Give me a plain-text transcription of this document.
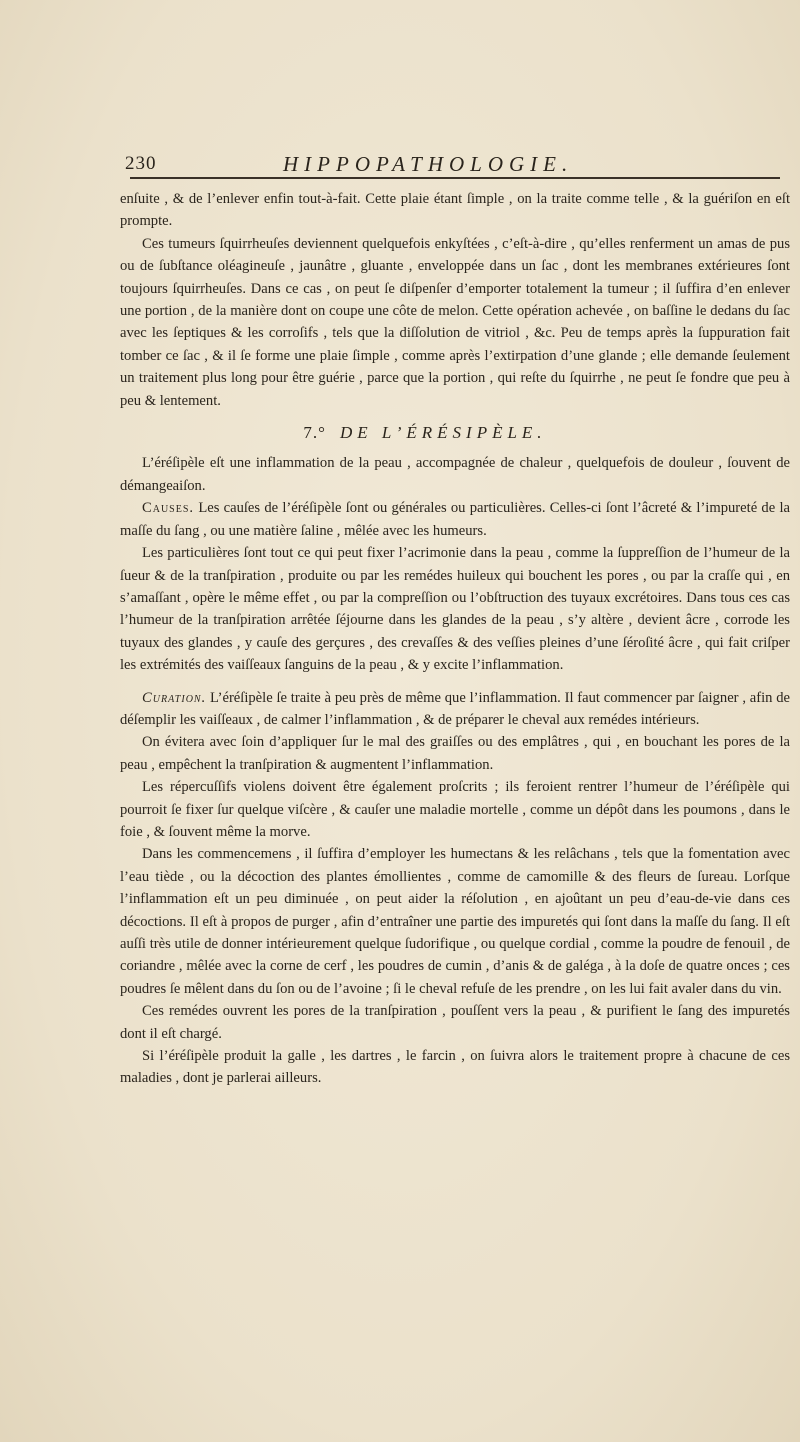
230	HIPPOPATHOLOGIE.

enſuite , & de l’enlever enfin tout-à-fait. Cette plaie étant ſimple , on la traite comme telle , & la guériſon en eſt prompte.

Ces tumeurs ſquirrheuſes deviennent quelquefois enkyſtées , c’eſt-à-dire , qu’elles renferment un amas de pus ou de ſubſtance oléagineuſe , jaunâtre , gluante , enveloppée dans un ſac , dont les membranes extérieures ſont toujours ſquirrheuſes. Dans ce cas , on peut ſe diſpenſer d’emporter totalement la tumeur ; il ſuffira d’en enlever une portion , de la manière dont on coupe une côte de melon. Cette opération achevée , on baſſine le dedans du ſac avec les ſeptiques & les corroſifs , tels que la diſſolution de vitriol , &c. Peu de temps après la ſuppuration fait tomber ce ſac , & il ſe forme une plaie ſimple , comme après l’extirpation d’une glande ; elle demande ſeulement un traitement plus long pour être guérie , parce que la portion , qui reſte du ſquirrhe , ne peut ſe fondre que peu à peu & lentement.

7.° DE L’ÉRÉSIPÈLE.

L’éréſipèle eſt une inflammation de la peau , accompagnée de chaleur , quelquefois de douleur , ſouvent de démangeaiſon.

Causes. Les cauſes de l’éréſipèle ſont ou générales ou particulières. Celles-ci ſont l’âcreté & l’impureté de la maſſe du ſang , ou une matière ſaline , mêlée avec les humeurs.

Les particulières ſont tout ce qui peut fixer l’acrimonie dans la peau , comme la ſuppreſſion de l’humeur de la ſueur & de la tranſpiration , produite ou par les remédes huileux qui bouchent les pores , ou par la craſſe qui , en s’amaſſant , opère le même effet , ou par la compreſſion ou l’obſtruction des tuyaux excrétoires. Dans tous ces cas l’humeur de la tranſpiration arrêtée ſéjourne dans les glandes de la peau , s’y altère , devient âcre , corrode les tuyaux des glandes , y cauſe des gerçures , des crevaſſes & des veſſies pleines d’une ſéroſité âcre , qui fait criſper les extrémités des vaiſſeaux ſanguins de la peau , & y excite l’inflammation.

Curation. L’éréſipèle ſe traite à peu près de même que l’inflammation. Il faut commencer par ſaigner , afin de déſemplir les vaiſſeaux , de calmer l’inflammation , & de préparer le cheval aux remédes intérieurs.

On évitera avec ſoin d’appliquer ſur le mal des graiſſes ou des emplâtres , qui , en bouchant les pores de la peau , empêchent la tranſpiration & augmentent l’inflammation.

Les répercuſſifs violens doivent être également proſcrits ; ils feroient rentrer l’humeur de l’éréſipèle qui pourroit ſe fixer ſur quelque viſcère , & cauſer une maladie mortelle , comme un dépôt dans les poumons , dans le foie , & ſouvent même la morve.

Dans les commencemens , il ſuffira d’employer les humectans & les relâchans , tels que la fomentation avec l’eau tiède , ou la décoction des plantes émollientes , comme de camomille & des fleurs de ſureau. Lorſque l’inflammation eſt un peu diminuée , on peut aider la réſolution , en ajoûtant un peu d’eau-de-vie dans ces décoctions. Il eſt à propos de purger , afin d’entraîner une partie des impuretés qui ſont dans la maſſe du ſang. Il eſt auſſi très utile de donner intérieurement quelque ſudorifique , ou quelque cordial , comme la poudre de fenouil , de coriandre , mêlée avec la corne de cerf , les poudres de cumin , d’anis & de galéga , à la doſe de quatre onces ; ces poudres ſe mêlent dans du ſon ou de l’avoine ; ſi le cheval refuſe de les prendre , on les lui fait avaler dans du vin.

Ces remédes ouvrent les pores de la tranſpiration , pouſſent vers la peau , & purifient le ſang des impuretés dont il eſt chargé.

Si l’éréſipèle produit la galle , les dartres , le farcin , on ſuivra alors le traitement propre à chacune de ces maladies , dont je parlerai ailleurs.
